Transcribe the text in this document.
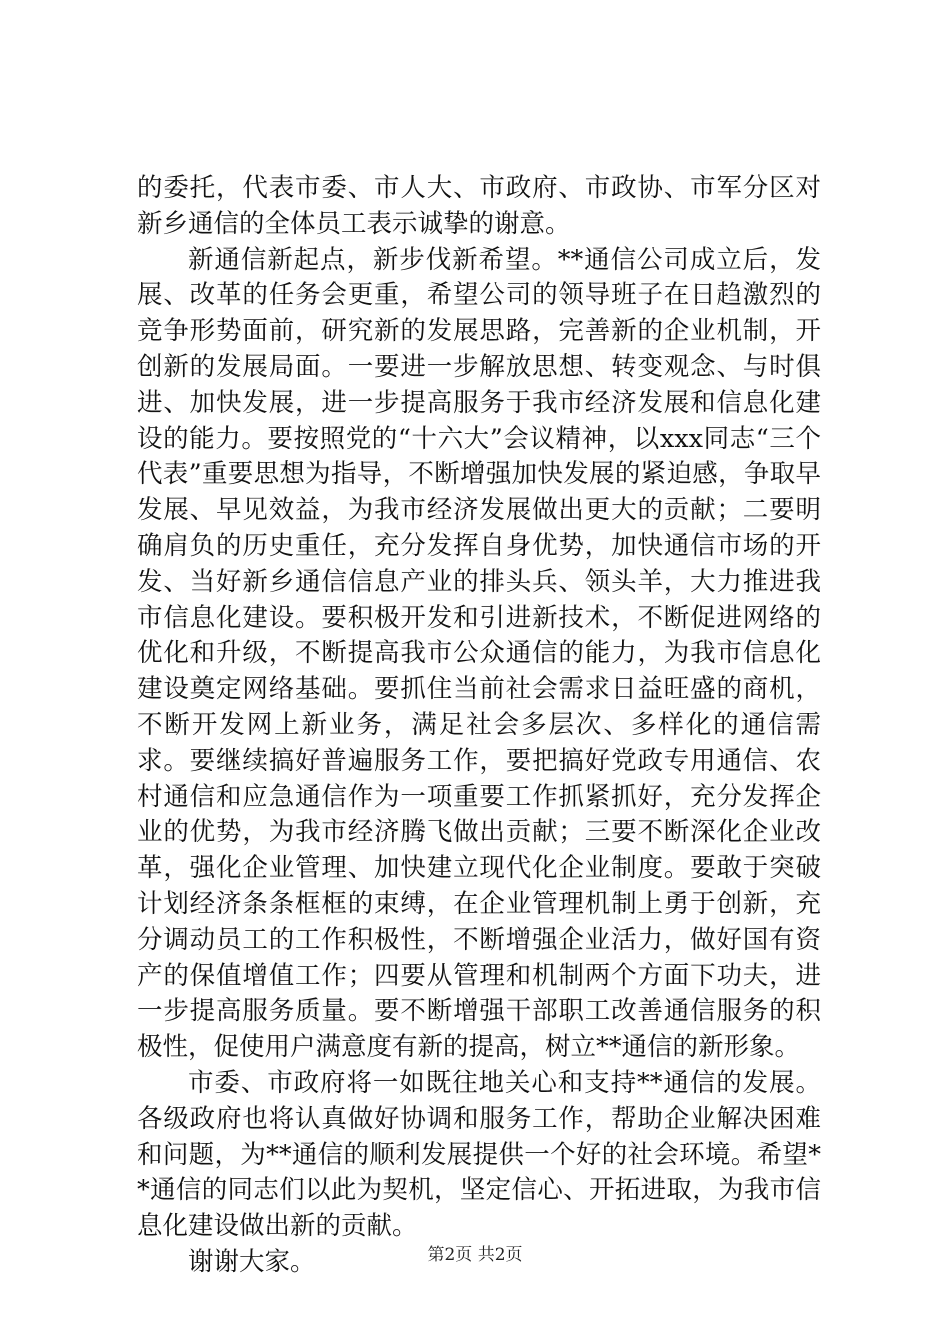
的委托，代表市委、市人大、市政府、市政协、市军分区对新乡通信的全体员工表示诚挚的谢意。

新通信新起点，新步伐新希望。**通信公司成立后，发展、改革的任务会更重，希望公司的领导班子在日趋激烈的竞争形势面前，研究新的发展思路，完善新的企业机制，开创新的发展局面。一要进一步解放思想、转变观念、与时俱进、加快发展，进一步提高服务于我市经济发展和信息化建设的能力。要按照党的“十六大”会议精神，以xxx同志“三个代表”重要思想为指导，不断增强加快发展的紧迫感，争取早发展、早见效益，为我市经济发展做出更大的贡献；二要明确肩负的历史重任，充分发挥自身优势，加快通信市场的开发、当好新乡通信信息产业的排头兵、领头羊，大力推进我市信息化建设。要积极开发和引进新技术，不断促进网络的优化和升级，不断提高我市公众通信的能力，为我市信息化建设奠定网络基础。要抓住当前社会需求日益旺盛的商机，不断开发网上新业务，满足社会多层次、多样化的通信需求。要继续搞好普遍服务工作，要把搞好党政专用通信、农村通信和应急通信作为一项重要工作抓紧抓好，充分发挥企业的优势，为我市经济腾飞做出贡献；三要不断深化企业改革，强化企业管理、加快建立现代化企业制度。要敢于突破计划经济条条框框的束缚，在企业管理机制上勇于创新，充分调动员工的工作积极性，不断增强企业活力，做好国有资产的保值增值工作；四要从管理和机制两个方面下功夫，进一步提高服务质量。要不断增强干部职工改善通信服务的积极性，促使用户满意度有新的提高，树立**通信的新形象。

市委、市政府将一如既往地关心和支持**通信的发展。各级政府也将认真做好协调和服务工作，帮助企业解决困难和问题，为**通信的顺利发展提供一个好的社会环境。希望**通信的同志们以此为契机，坚定信心、开拓进取，为我市信息化建设做出新的贡献。

谢谢大家。	第2页 共2页
